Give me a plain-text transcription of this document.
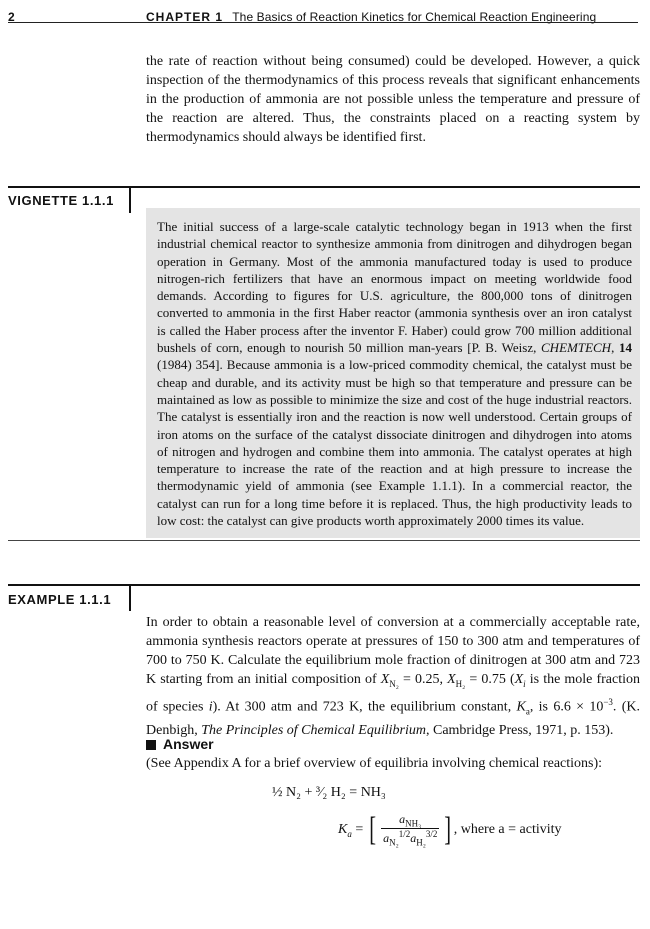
2	CHAPTER 1 The Basics of Reaction Kinetics for Chemical Reaction Engineering
the rate of reaction without being consumed) could be developed. However, a quick inspection of the thermodynamics of this process reveals that significant enhancements in the production of ammonia are not possible unless the temperature and pressure of the reaction are altered. Thus, the constraints placed on a reacting system by thermodynamics should always be identified first.
VIGNETTE 1.1.1
The initial success of a large-scale catalytic technology began in 1913 when the first industrial chemical reactor to synthesize ammonia from dinitrogen and dihydrogen began operation in Germany. Most of the ammonia manufactured today is used to produce nitrogen-rich fertilizers that have an enormous impact on meeting worldwide food demands. According to figures for U.S. agriculture, the 800,000 tons of dinitrogen converted to ammonia in the first Haber reactor (ammonia synthesis over an iron catalyst is called the Haber process after the inventor F. Haber) could grow 700 million additional bushels of corn, enough to nourish 50 million man-years [P. B. Weisz, CHEMTECH, 14 (1984) 354]. Because ammonia is a low-priced commodity chemical, the catalyst must be cheap and durable, and its activity must be high so that temperature and pressure can be maintained as low as possible to minimize the size and cost of the huge industrial reactors. The catalyst is essentially iron and the reaction is now well understood. Certain groups of iron atoms on the surface of the catalyst dissociate dinitrogen and dihydrogen into atoms of nitrogen and hydrogen and combine them into ammonia. The catalyst operates at high temperature to increase the rate of the reaction and at high pressure to increase the thermodynamic yield of ammonia (see Example 1.1.1). In a commercial reactor, the catalyst can run for a long time before it is replaced. Thus, the high productivity leads to low cost: the catalyst can give products worth approximately 2000 times its value.
EXAMPLE 1.1.1
In order to obtain a reasonable level of conversion at a commercially acceptable rate, ammonia synthesis reactors operate at pressures of 150 to 300 atm and temperatures of 700 to 750 K. Calculate the equilibrium mole fraction of dinitrogen at 300 atm and 723 K starting from an initial composition of $X_{N_2} = 0.25$, $X_{H_2} = 0.75$ ($X_i$ is the mole fraction of species i). At 300 atm and 723 K, the equilibrium constant, $K_a$, is $6.6 \times 10^{-3}$. (K. Denbigh, The Principles of Chemical Equilibrium, Cambridge Press, 1971, p. 153).
Answer
(See Appendix A for a brief overview of equilibria involving chemical reactions):
½ N₂ + ³⁄₂ H₂ = NH₃
$K_a$ = [ $\frac{a_{NH_3}}{a_{N_2}^{1/2}a_{H_2}^{3/2}}$ ] , where a = activity
